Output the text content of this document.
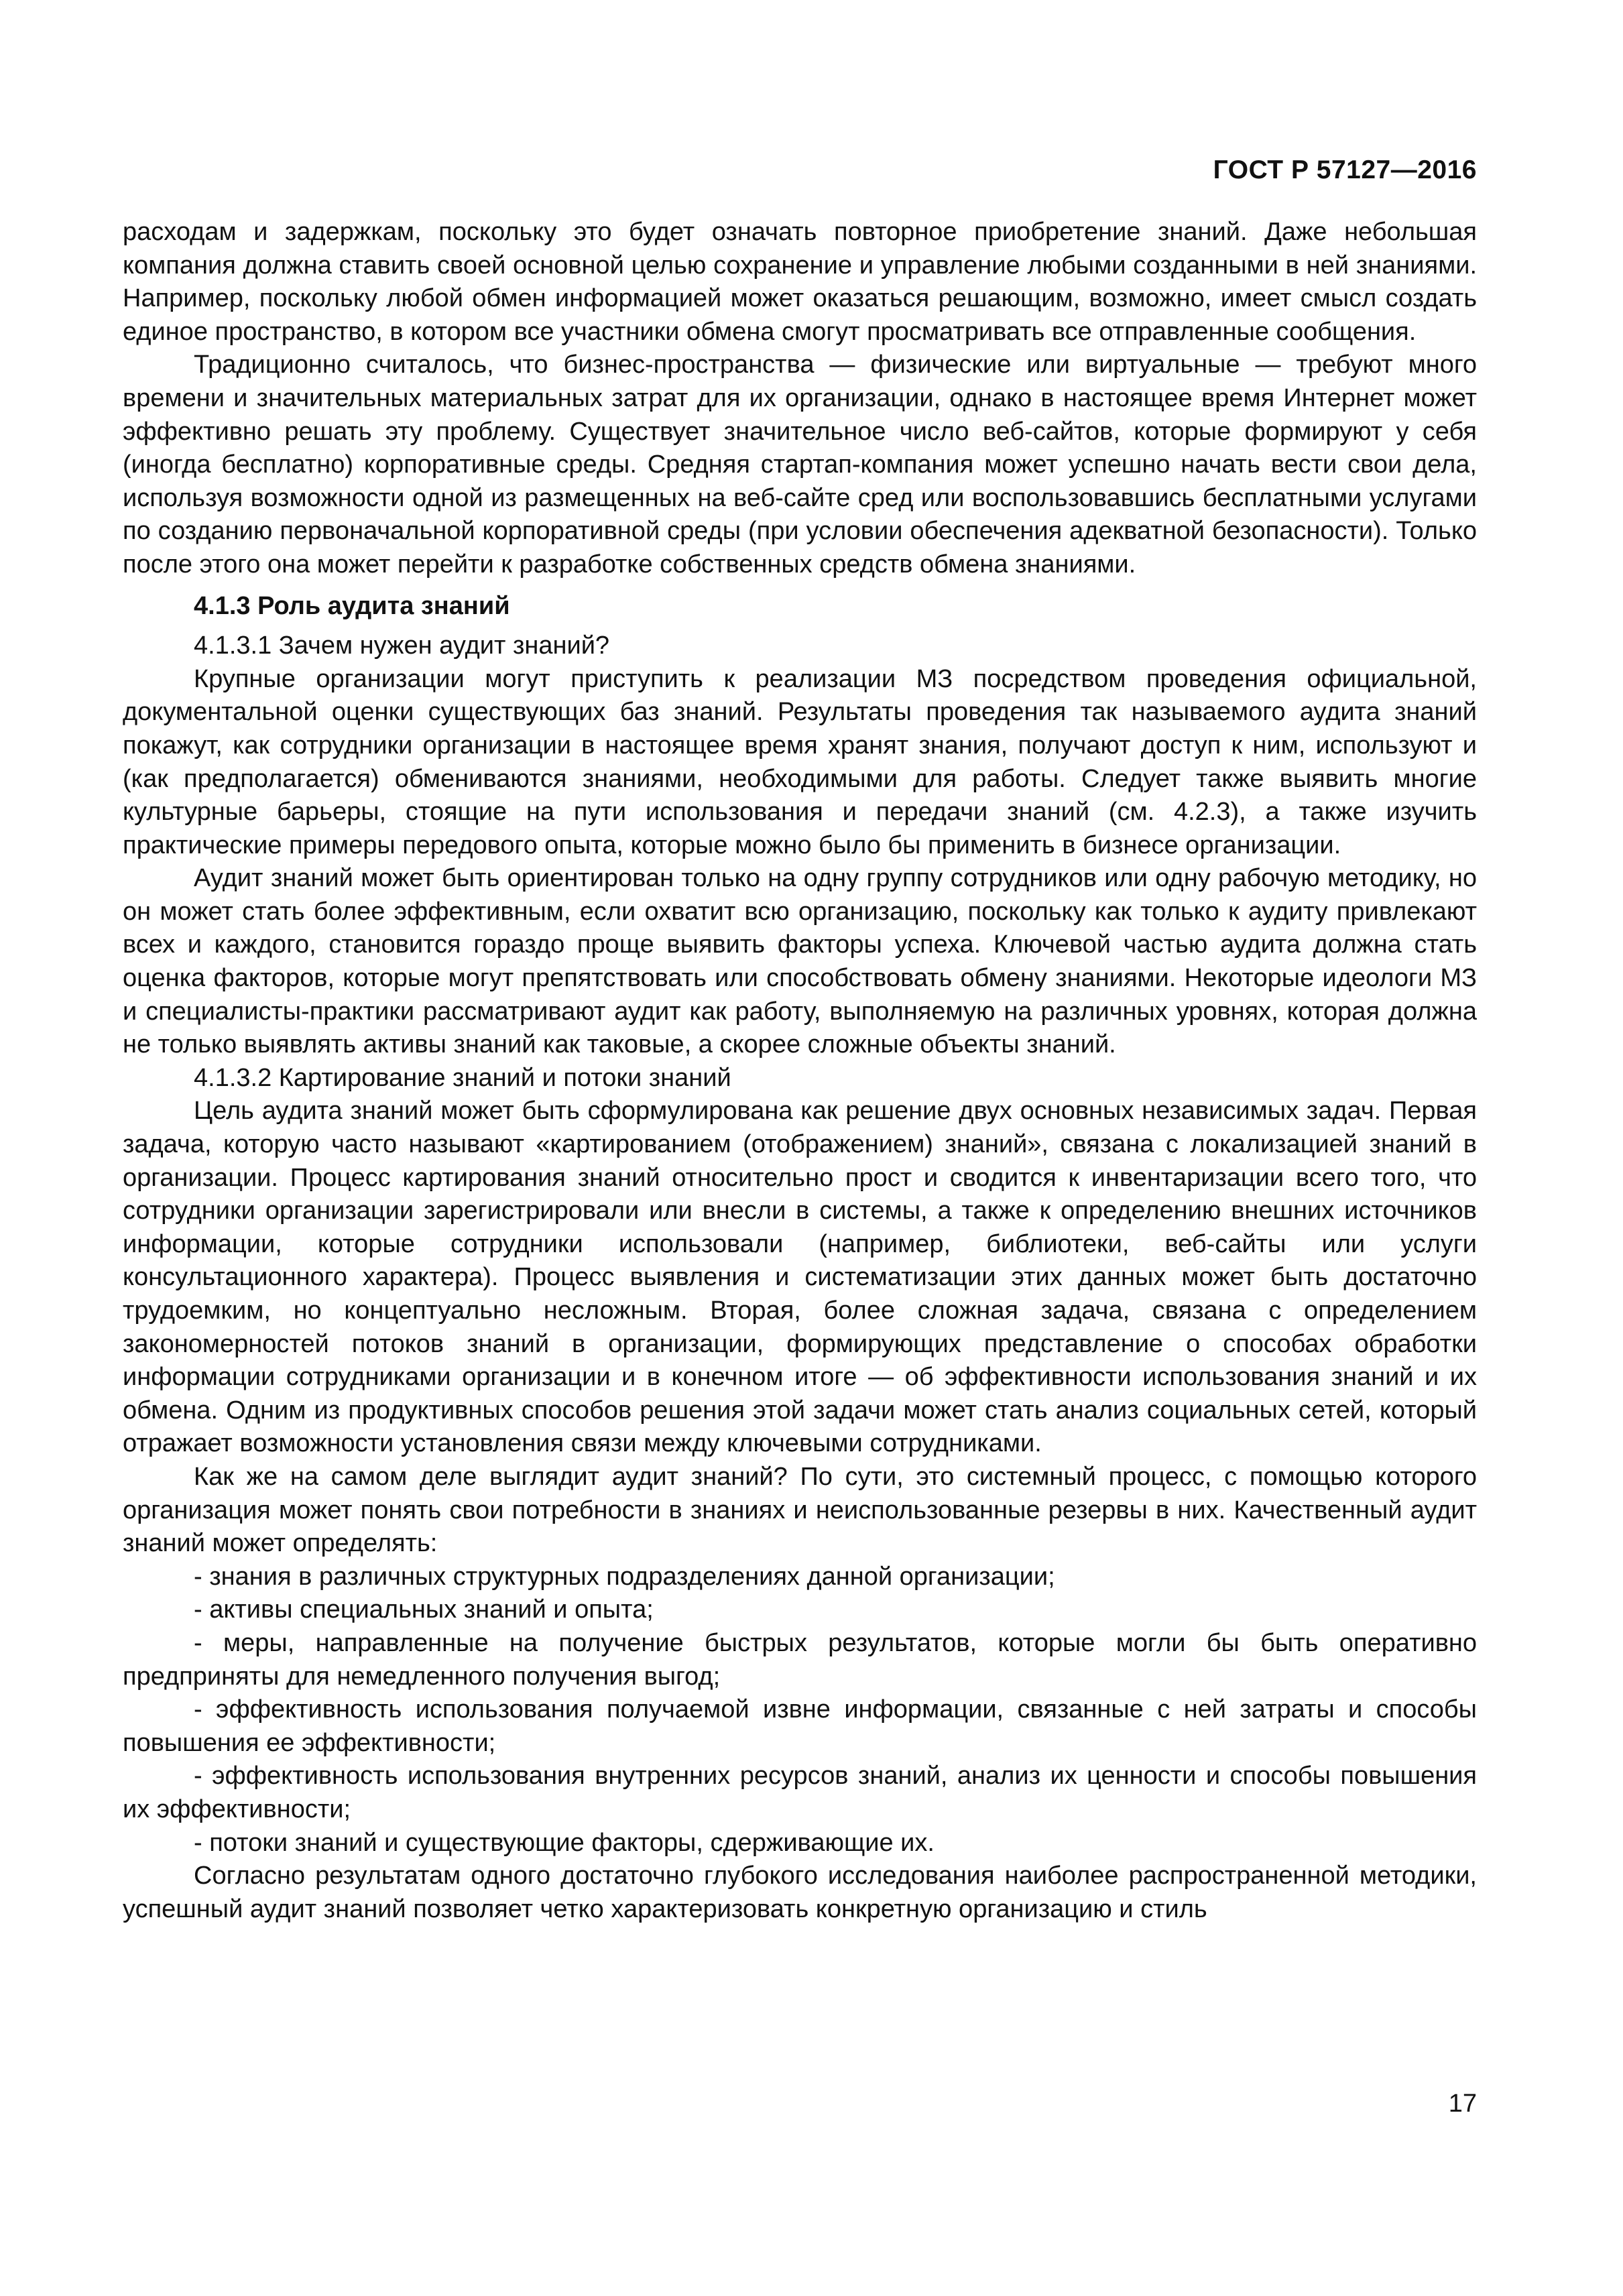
ГОСТ Р 57127—2016

расходам и задержкам, поскольку это будет означать повторное приобретение знаний. Даже небольшая компания должна ставить своей основной целью сохранение и управление любыми созданными в ней знаниями. Например, поскольку любой обмен информацией может оказаться решающим, возможно, имеет смысл создать единое пространство, в котором все участники обмена смогут просматривать все отправленные сообщения.

Традиционно считалось, что бизнес-пространства — физические или виртуальные — требуют много времени и значительных материальных затрат для их организации, однако в настоящее время Интернет может эффективно решать эту проблему. Существует значительное число веб-сайтов, которые формируют у себя (иногда бесплатно) корпоративные среды. Средняя стартап-компания может успешно начать вести свои дела, используя возможности одной из размещенных на веб-сайте сред или воспользовавшись бесплатными услугами по созданию первоначальной корпоративной среды (при условии обеспечения адекватной безопасности). Только после этого она может перейти к разработке собственных средств обмена знаниями.

4.1.3 Роль аудита знаний

4.1.3.1 Зачем нужен аудит знаний?

Крупные организации могут приступить к реализации МЗ посредством проведения официальной, документальной оценки существующих баз знаний. Результаты проведения так называемого аудита знаний покажут, как сотрудники организации в настоящее время хранят знания, получают доступ к ним, используют и (как предполагается) обмениваются знаниями, необходимыми для работы. Следует также выявить многие культурные барьеры, стоящие на пути использования и передачи знаний (см. 4.2.3), а также изучить практические примеры передового опыта, которые можно было бы применить в бизнесе организации.

Аудит знаний может быть ориентирован только на одну группу сотрудников или одну рабочую методику, но он может стать более эффективным, если охватит всю организацию, поскольку как только к аудиту привлекают всех и каждого, становится гораздо проще выявить факторы успеха. Ключевой частью аудита должна стать оценка факторов, которые могут препятствовать или способствовать обмену знаниями. Некоторые идеологи МЗ и специалисты-практики рассматривают аудит как работу, выполняемую на различных уровнях, которая должна не только выявлять активы знаний как таковые, а скорее сложные объекты знаний.

4.1.3.2 Картирование знаний и потоки знаний

Цель аудита знаний может быть сформулирована как решение двух основных независимых задач. Первая задача, которую часто называют «картированием (отображением) знаний», связана с локализацией знаний в организации. Процесс картирования знаний относительно прост и сводится к инвентаризации всего того, что сотрудники организации зарегистрировали или внесли в системы, а также к определению внешних источников информации, которые сотрудники использовали (например, библиотеки, веб-сайты или услуги консультационного характера). Процесс выявления и систематизации этих данных может быть достаточно трудоемким, но концептуально несложным. Вторая, более сложная задача, связана с определением закономерностей потоков знаний в организации, формирующих представление о способах обработки информации сотрудниками организации и в конечном итоге — об эффективности использования знаний и их обмена. Одним из продуктивных способов решения этой задачи может стать анализ социальных сетей, который отражает возможности установления связи между ключевыми сотрудниками.

Как же на самом деле выглядит аудит знаний? По сути, это системный процесс, с помощью которого организация может понять свои потребности в знаниях и неиспользованные резервы в них. Качественный аудит знаний может определять:

- знания в различных структурных подразделениях данной организации;

- активы специальных знаний и опыта;

- меры, направленные на получение быстрых результатов, которые могли бы быть оперативно предприняты для немедленного получения выгод;

- эффективность использования получаемой извне информации, связанные с ней затраты и способы повышения ее эффективности;

- эффективность использования внутренних ресурсов знаний, анализ их ценности и способы повышения их эффективности;

- потоки знаний и существующие факторы, сдерживающие их.

Согласно результатам одного достаточно глубокого исследования наиболее распространенной методики, успешный аудит знаний позволяет четко характеризовать конкретную организацию и стиль

17
